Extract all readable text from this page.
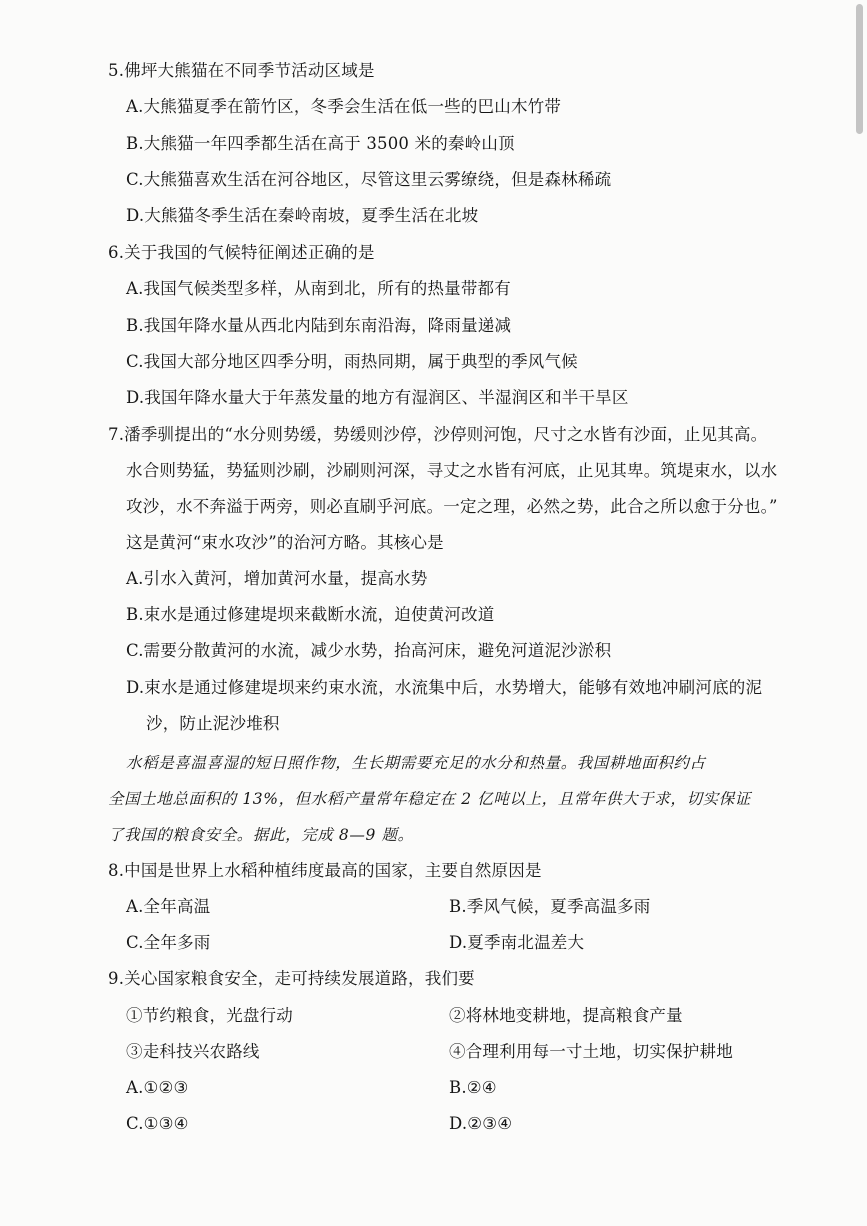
5.佛坪大熊猫在不同季节活动区域是
A.大熊猫夏季在箭竹区，冬季会生活在低一些的巴山木竹带
B.大熊猫一年四季都生活在高于 3500 米的秦岭山顶
C.大熊猫喜欢生活在河谷地区，尽管这里云雾缭绕，但是森林稀疏
D.大熊猫冬季生活在秦岭南坡，夏季生活在北坡
6.关于我国的气候特征阐述正确的是
A.我国气候类型多样，从南到北，所有的热量带都有
B.我国年降水量从西北内陆到东南沿海，降雨量递减
C.我国大部分地区四季分明，雨热同期，属于典型的季风气候
D.我国年降水量大于年蒸发量的地方有湿润区、半湿润区和半干旱区
7.潘季驯提出的“水分则势缓，势缓则沙停，沙停则河饱，尺寸之水皆有沙面，止见其高。
水合则势猛，势猛则沙刷，沙刷则河深，寻丈之水皆有河底，止见其卑。筑堤束水，以水
攻沙，水不奔溢于两旁，则必直刷乎河底。一定之理，必然之势，此合之所以愈于分也。”
这是黄河“束水攻沙”的治河方略。其核心是
A.引水入黄河，增加黄河水量，提高水势
B.束水是通过修建堤坝来截断水流，迫使黄河改道
C.需要分散黄河的水流，减少水势，抬高河床，避免河道泥沙淤积
D.束水是通过修建堤坝来约束水流，水流集中后，水势增大，能够有效地冲刷河底的泥
沙，防止泥沙堆积
水稻是喜温喜湿的短日照作物，生长期需要充足的水分和热量。我国耕地面积约占
全国土地总面积的 13%，但水稻产量常年稳定在 2 亿吨以上，且常年供大于求，切实保证
了我国的粮食安全。据此，完成 8—9 题。
8.中国是世界上水稻种植纬度最高的国家，主要自然原因是
A.全年高温	B.季风气候，夏季高温多雨
C.全年多雨	D.夏季南北温差大
9.关心国家粮食安全，走可持续发展道路，我们要
①节约粮食，光盘行动	②将林地变耕地，提高粮食产量
③走科技兴农路线	④合理利用每一寸土地，切实保护耕地
A.①②③	B.②④
C.①③④	D.②③④
